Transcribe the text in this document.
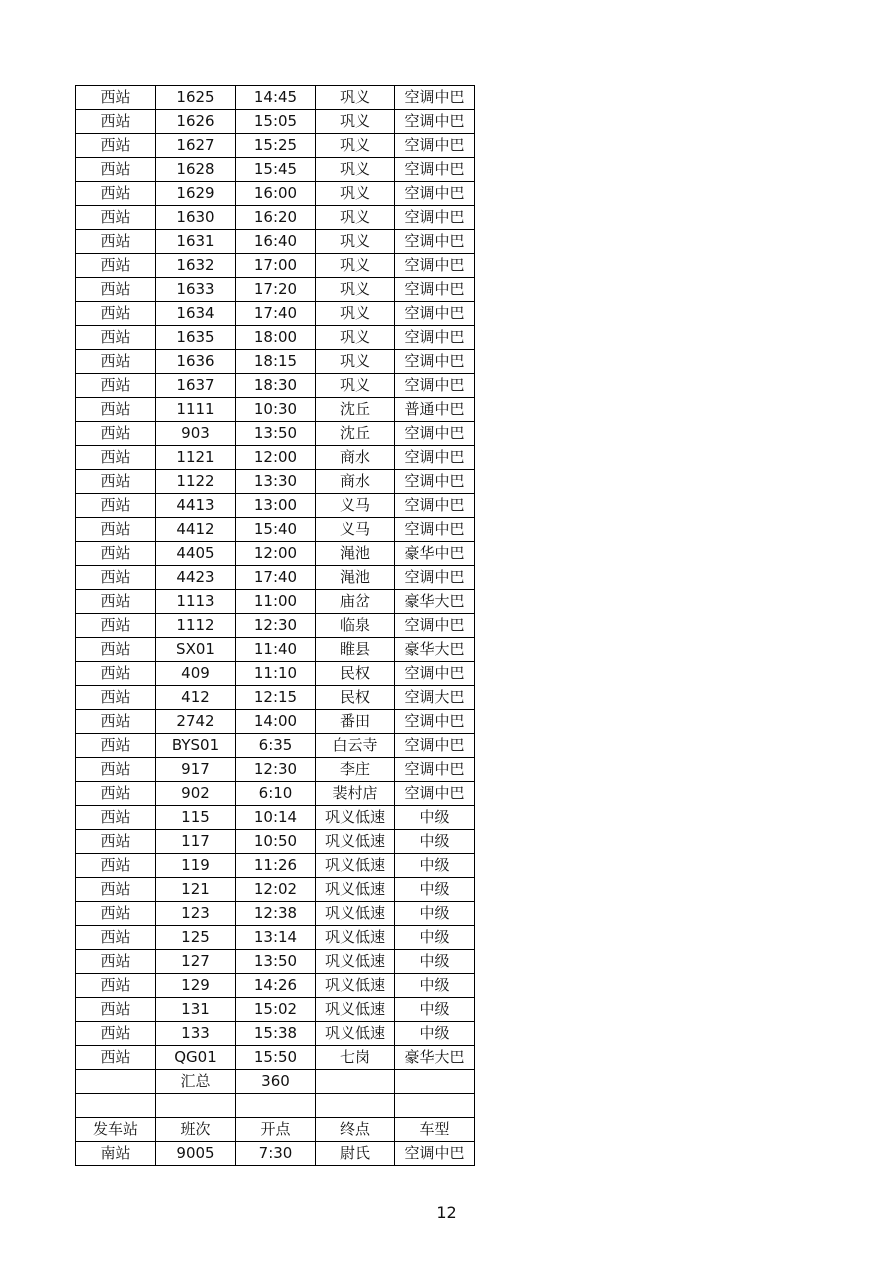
西站	1625	14:45	巩义	空调中巴
西站	1626	15:05	巩义	空调中巴
西站	1627	15:25	巩义	空调中巴
西站	1628	15:45	巩义	空调中巴
西站	1629	16:00	巩义	空调中巴
西站	1630	16:20	巩义	空调中巴
西站	1631	16:40	巩义	空调中巴
西站	1632	17:00	巩义	空调中巴
西站	1633	17:20	巩义	空调中巴
西站	1634	17:40	巩义	空调中巴
西站	1635	18:00	巩义	空调中巴
西站	1636	18:15	巩义	空调中巴
西站	1637	18:30	巩义	空调中巴
西站	1111	10:30	沈丘	普通中巴
西站	903	13:50	沈丘	空调中巴
西站	1121	12:00	商水	空调中巴
西站	1122	13:30	商水	空调中巴
西站	4413	13:00	义马	空调中巴
西站	4412	15:40	义马	空调中巴
西站	4405	12:00	渑池	豪华中巴
西站	4423	17:40	渑池	空调中巴
西站	1113	11:00	庙岔	豪华大巴
西站	1112	12:30	临泉	空调中巴
西站	SX01	11:40	睢县	豪华大巴
西站	409	11:10	民权	空调中巴
西站	412	12:15	民权	空调大巴
西站	2742	14:00	番田	空调中巴
西站	BYS01	6:35	白云寺	空调中巴
西站	917	12:30	李庄	空调中巴
西站	902	6:10	裴村店	空调中巴
西站	115	10:14	巩义低速	中级
西站	117	10:50	巩义低速	中级
西站	119	11:26	巩义低速	中级
西站	121	12:02	巩义低速	中级
西站	123	12:38	巩义低速	中级
西站	125	13:14	巩义低速	中级
西站	127	13:50	巩义低速	中级
西站	129	14:26	巩义低速	中级
西站	131	15:02	巩义低速	中级
西站	133	15:38	巩义低速	中级
西站	QG01	15:50	七岗	豪华大巴
	汇总	360		

发车站	班次	开点	终点	车型
南站	9005	7:30	尉氏	空调中巴
12
